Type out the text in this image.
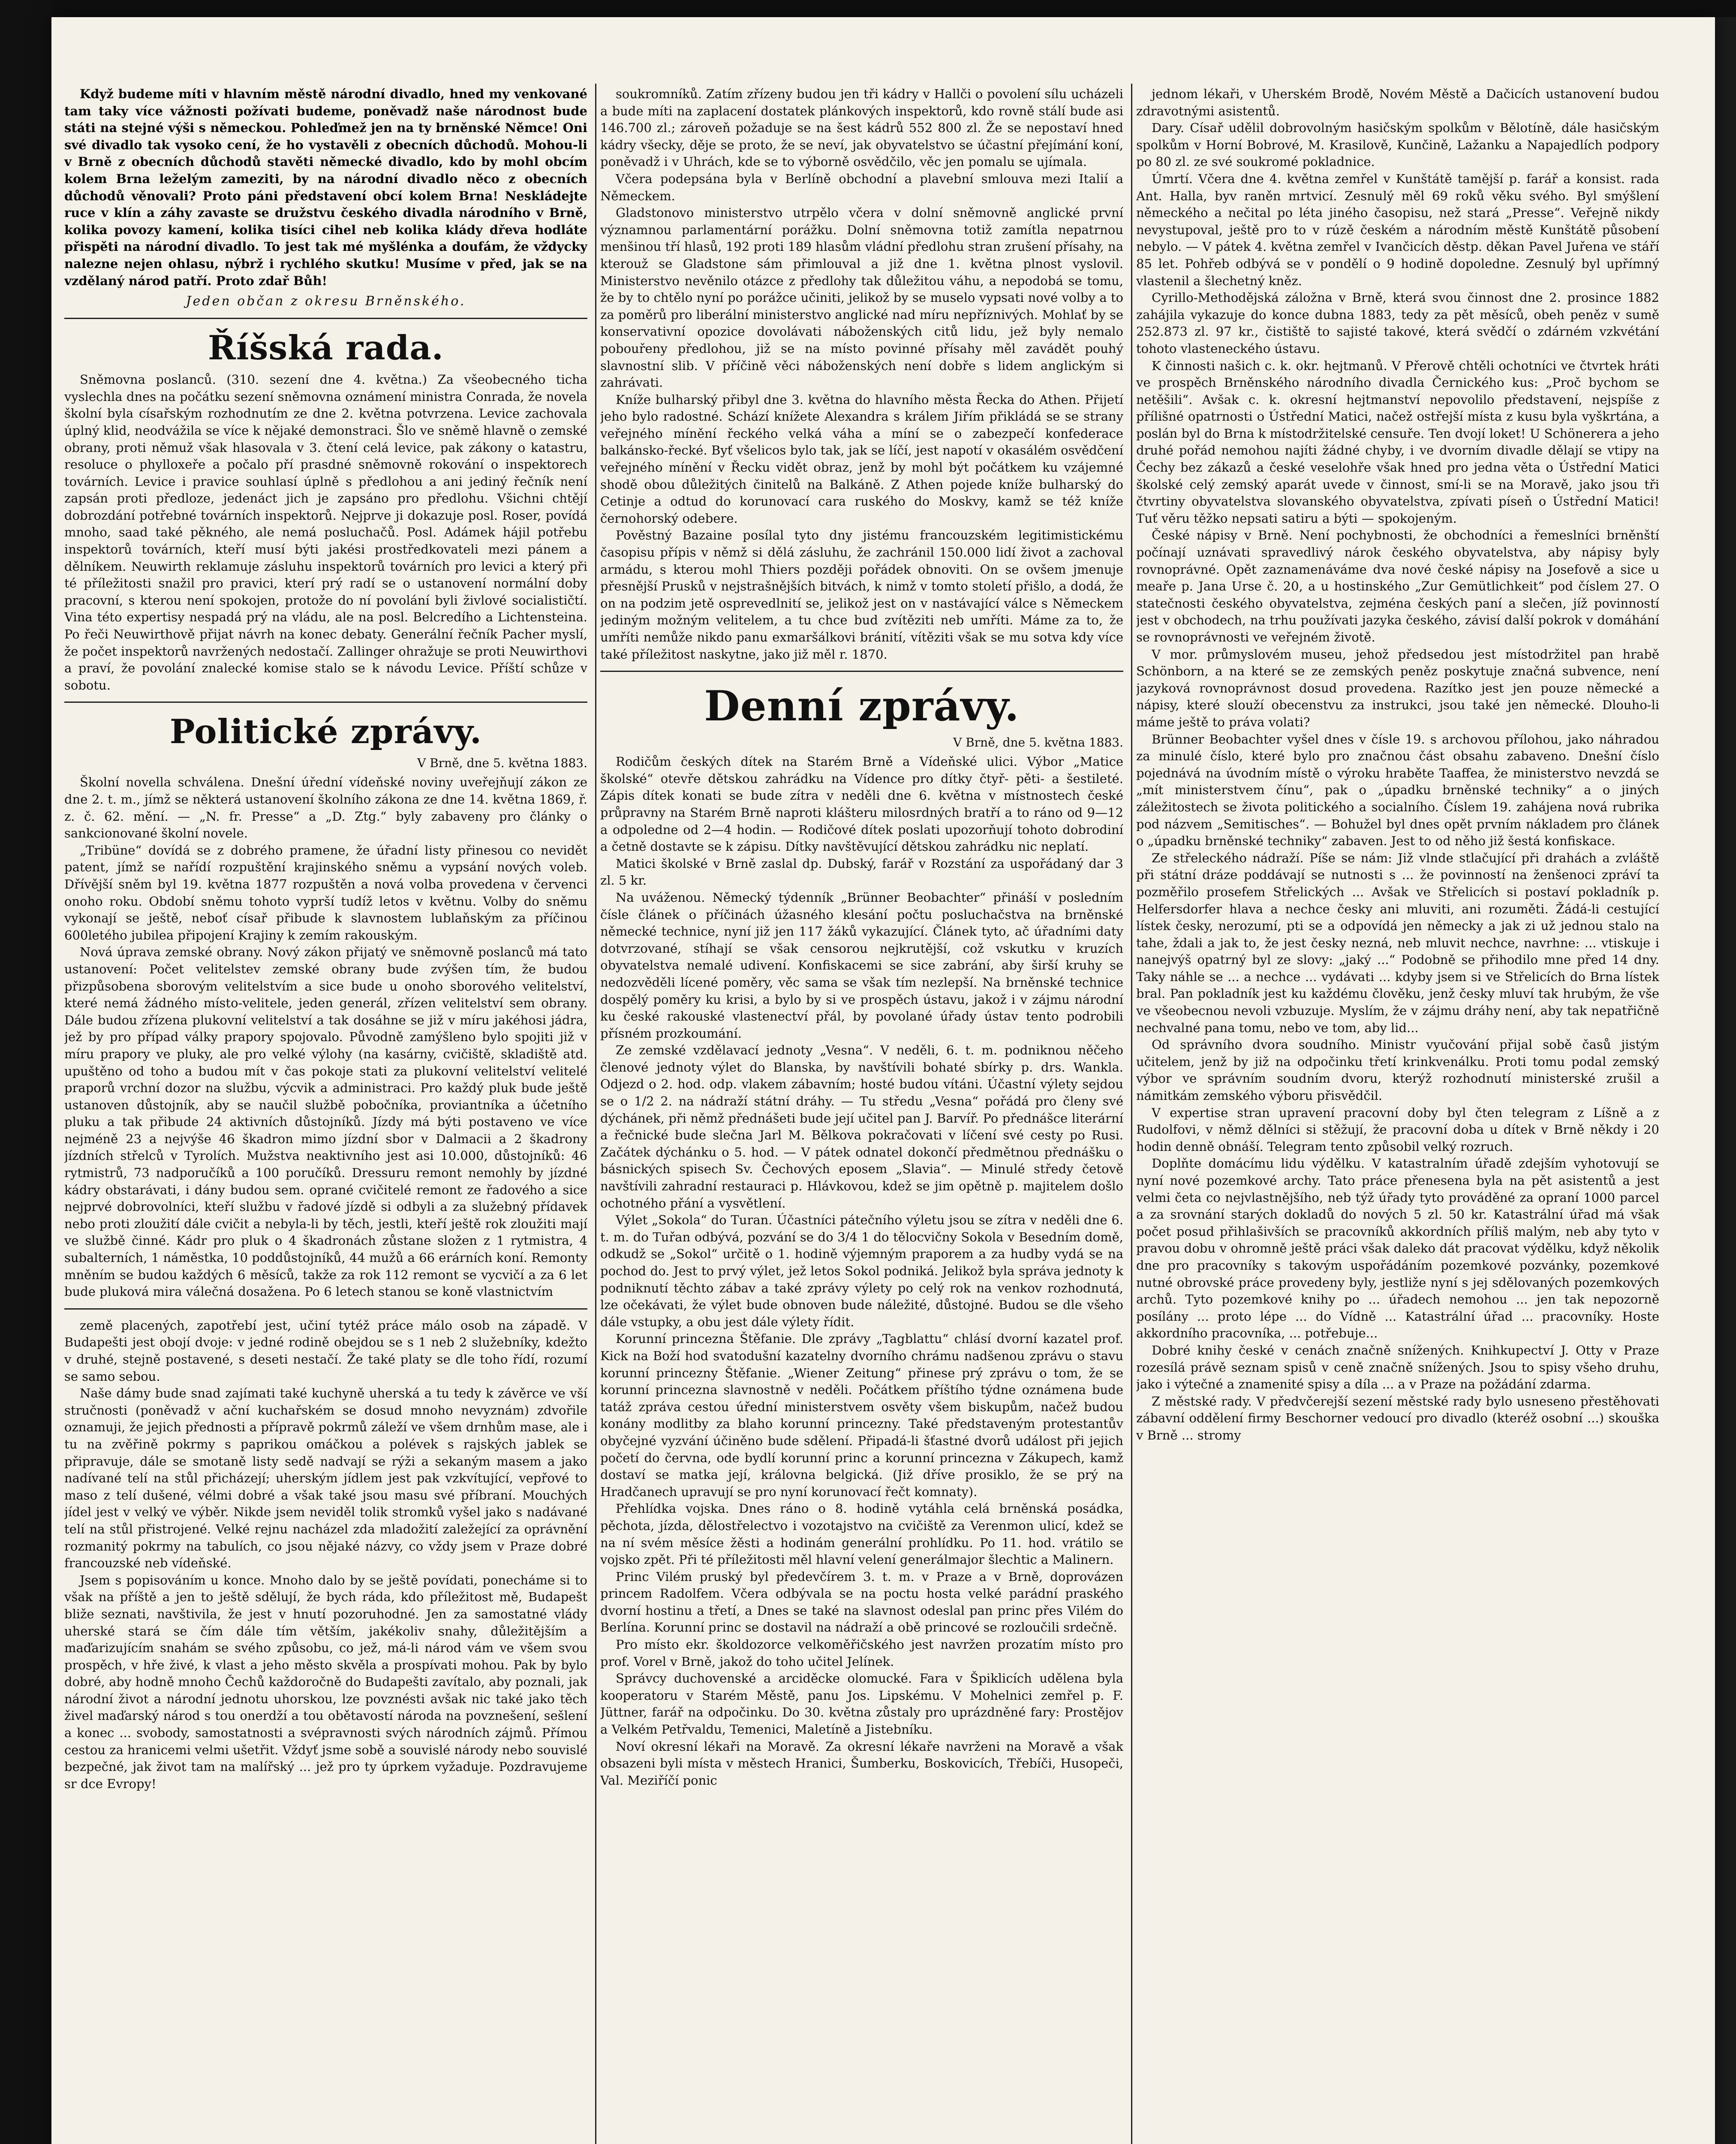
Když budeme míti v hlavním městě národní divadlo, hned my venkované tam taky více vážnosti požívati budeme, poněvadž naše národnost bude státi na stejné výši s německou. Pohleďmež jen na ty brněnské Němce! Oni své divadlo tak vysoko cení, že ho vystavěli z obecních důchodů. Mohou-li v Brně z obecních důchodů stavěti německé divadlo, kdo by mohl obcím kolem Brna leželým zameziti, by na národní divadlo něco z obecních důchodů věnovali? Proto páni představení obcí kolem Brna! Neskládejte ruce v klín a záhy zavaste se družstvu českého divadla národního v Brně, kolika povozy kamení, kolika tisíci cihel neb kolika klády dřeva hodláte přispěti na národní divadlo. To jest tak mé myšlénka a doufám, že vždycky nalezne nejen ohlasu, nýbrž i rychlého skutku! Musíme v před, jak se na vzdělaný národ patří. Proto zdař Bůh!

Jeden občan z okresu Brněnského.
Říšská rada.

Sněmovna poslanců. (310. sezení dne 4. května.) Za všeobecného ticha vyslechla dnes na počátku sezení sněmovna oznámení ministra Conrada, že novela školní byla císařským rozhodnutím ze dne 2. května potvrzena. Levice zachovala úplný klid, neodvážila se více k nějaké demonstraci. Šlo ve sněmě hlavně o zemské obrany, proti němuž však hlasovala v 3. čtení celá levice, pak zákony o katastru, resoluce o phylloxeře a počalo pří prasdné sněmovně rokování o inspektorech továrních. Levice i pravice souhlasí úplně s předlohou a ani jediný řečník není zapsán proti předloze, jedenáct jich je zapsáno pro předlohu. Všichni chtějí dobrozdání potřebné továrních inspektorů. Nejprve ji dokazuje posl. Roser, povídá mnoho, saad také pěkného, ale nemá posluchačů. Posl. Adámek hájil potřebu inspektorů továrních, kteří musí býti jakési prostředkovateli mezi pánem a dělníkem. Neuwirth reklamuje zásluhu inspektorů továrních pro levici a který při té příležitosti snažil pro pravici, kterí prý radí se o ustanovení normální doby pracovní, s kterou není spokojen, protože do ní povolání byli živlové socialističtí. Vina této expertisy nespadá prý na vládu, ale na posl. Belcredího a Lichtensteina. Po řeči Neuwirthově přijat návrh na konec debaty. Generální řečník Pacher myslí, že počet inspektorů navržených nedostačí. Zallinger ohražuje se proti Neuwirthovi a praví, že povolání znalecké komise stalo se k návodu Levice. Příští schůze v sobotu.

Politické zprávy.
V Brně, dne 5. května 1883.

Školní novella schválena. Dnešní úřední vídeňské noviny uveřejňují zákon ze dne 2. t. m., jímž se některá ustanovení školního zákona ze dne 14. května 1869, ř. z. č. 62. mění. — „N. fr. Presse“ a „D. Ztg.“ byly zabaveny pro články o sankcionované školní novele.

„Tribüne“ dovídá se z dobrého pramene, že úřadní listy přinesou co nevidět patent, jímž se nařídí rozpuštění krajinského sněmu a vypsání nových voleb. Dřívější sněm byl 19. května 1877 rozpuštěn a nová volba provedena v červenci onoho roku. Období sněmu tohoto vyprší tudíž letos v květnu. Volby do sněmu vykonají se ještě, neboť císař přibude k slavnostem lublaňským za příčinou 600letého jubilea připojení Krajiny k zemím rakouským.

Nová úprava zemské obrany. Nový zákon přijatý ve sněmovně poslanců má tato ustanovení: Počet velitelstev zemské obrany bude zvýšen tím, že budou přizpůsobena sborovým velitelstvím a sice bude u onoho sborového velitelství, které nemá žádného místo-velitele, jeden generál, zřízen velitelství sem obrany. Dále budou zřízena plukovní velitelství a tak dosáhne se již v míru jakéhosi jádra, jež by pro případ války prapory spojovalo. Původně zamýšleno bylo spojiti již v míru prapory ve pluky, ale pro velké výlohy (na kasárny, cvičiště, skladiště atd. upuštěno od toho a budou mít v čas pokoje stati za plukovní velitelství velitelé praporů vrchní dozor na službu, výcvik a administraci. Pro každý pluk bude ještě ustanoven důstojník, aby se naučil službě pobočníka, proviantníka a účetního pluku a tak přibude 24 aktivních důstojníků. Jízdy má býti postaveno ve více nejméně 23 a nejvýše 46 škadron mimo jízdní sbor v Dalmacii a 2 škadrony jízdních střelců v Tyrolích. Mužstva neaktivního jest asi 10.000, důstojníků: 46 rytmistrů, 73 nadporučíků a 100 poručíků. Dressuru remont nemohly by jízdné kádry obstarávati, i dány budou sem. oprané cvičitelé remont ze řadového a sice nejprvé dobrovolníci, kteří službu v řadové jízdě si odbyli a za služebný přídavek nebo proti zloužití dále cvičit a nebyla-li by těch, jestli, kteří ještě rok zloužiti mají ve službě činné. Kádr pro pluk o 4 škadronách zůstane složen z 1 rytmistra, 4 subalterních, 1 náměstka, 10 poddůstojníků, 44 mužů a 66 erárních koní. Remonty mněním se budou každých 6 měsíců, takže za rok 112 remont se vycvičí a za 6 let bude pluková mira válečná dosažena. Po 6 letech stanou se koně vlastnictvím

země placených, zapotřebí jest, učiní tytéž práce málo osob na západě. V Budapešti jest obojí dvoje: v jedné rodině obejdou se s 1 neb 2 služebníky, kdežto v druhé, stejně postavené, s deseti nestačí. Že také platy se dle toho řídí, rozumí se samo sebou.

Naše dámy bude snad zajímati také kuchyně uherská a tu tedy k závěrce ve vší stručnosti (poněvadž v ační kuchařském se dosud mnoho nevyznám) zdvořile oznamuji, že jejich přednosti a přípravě pokrmů záleží ve všem drnhům mase, ale i tu na zvěřině pokrmy s paprikou omáčkou a polévek s rajských jablek se připravuje, dále se smotaně listy sedě nadvají se rýži a sekaným masem a jako nadívané telí na stůl přicházejí; uherským jídlem jest pak vzkvítující, vepřové to maso z telí dušené, vélmi dobré a však také jsou masu své příbraní. Mouchých jídel jest v velký ve výběr. Nikde jsem neviděl tolik stromků vyšel jako s nadávané telí na stůl přistrojené. Velké rejnu nacházel zda mladožití zaležející za oprávnění rozmanitý pokrmy na tabulích, co jsou nějaké názvy, co vždy jsem v Praze dobré francouzské neb vídeňské.

Jsem s popisováním u konce. Mnoho dalo by se ještě povídati, ponecháme si to však na příště a jen to ještě sdělují, že bych ráda, kdo příležitost mě, Budapešt bliže seznati, navštivila, že jest v hnutí pozoruhodné. Jen za samostatné vlády uherské stará se čím dále tím větším, jakékoliv snahy, důležitějším a maďarizujícím snahám se svého způsobu, co jež, má-li národ vám ve všem svou prospěch, v hře živé, k vlast a jeho město skvěla a prospívati mohou. Pak by bylo dobré, aby hodně mnoho Čechů každoročně do Budapešti zavítalo, aby poznali, jak národní život a národní jednotu uhorskou, lze povznésti avšak nic také jako těch živel maďarský národ s tou onerdží a tou obětavostí národa na povznešení, sešlení a konec ... svobody, samostatnosti a svépravnosti svých národních zájmů. Přímou cestou za hranicemi velmi ušetřit. Vždyť jsme sobě a souvislé národy nebo souvislé bezpečné, jak život tam na malířský ... jež pro ty úprkem vyžaduje. Pozdravujeme sr dce Evropy!

soukromníků. Zatím zřízeny budou jen tři kádry v Hallči o povolení sílu ucházeli a bude míti na zaplacení dostatek plánkových inspektorů, kdo rovně stálí bude asi 146.700 zl.; zároveň požaduje se na šest kádrů 552 800 zl. Že se nepostaví hned kádry všecky, děje se proto, že se neví, jak obyvatelstvo se účastní přejímání koní, poněvadž i v Uhrách, kde se to výborně osvědčilo, věc jen pomalu se ujímala.

Včera podepsána byla v Berlíně obchodní a plavební smlouva mezi Italií a Německem.

Gladstonovo ministerstvo utrpělo včera v dolní sněmovně anglické první významnou parlamentární porážku. Dolní sněmovna totiž zamítla nepatrnou menšinou tří hlasů, 192 proti 189 hlasům vládní předlohu stran zrušení přísahy, na kterouž se Gladstone sám přimlouval a již dne 1. května plnost vyslovil. Ministerstvo nevěnilo otázce z předlohy tak důležitou váhu, a nepodobá se tomu, že by to chtělo nyní po porážce učiniti, jelikož by se muselo vypsati nové volby a to za poměrů pro liberální ministerstvo anglické nad míru nepříznivých. Mohlať by se konservativní opozice dovolávati náboženských citů lidu, jež byly nemalo pobouřeny předlohou, již se na místo povinné přísahy měl zavádět pouhý slavnostní slib. V příčině věci náboženských není dobře s lidem anglickým si zahrávati.

Kníže bulharský přibyl dne 3. května do hlavního města Řecka do Athen. Přijetí jeho bylo radostné. Schází knížete Alexandra s králem Jiřím přikládá se se strany veřejného mínění řeckého velká váha a míní se o zabezpečí konfederace balkánsko-řecké. Byť všelicos bylo tak, jak se líčí, jest napotí v okasálém osvědčení veřejného mínění v Řecku vidět obraz, jenž by mohl být počátkem ku vzájemné shodě obou důležitých činitelů na Balkáně. Z Athen pojede kníže bulharský do Cetinje a odtud do korunovací cara ruského do Moskvy, kamž se též kníže černohorský odebere.

Pověstný Bazaine posílal tyto dny jistému francouzském legitimistickému časopisu přípis v němž si dělá zásluhu, že zachránil 150.000 lidí život a zachoval armádu, s kterou mohl Thiers později pořádek obnoviti. On se ovšem jmenuje přesnější Prusků v nejstrašnějších bitvách, k nimž v tomto století přišlo, a dodá, že on na podzim jetě osprevedlnití se, jelikož jest on v nastávající válce s Německem jediným možným velitelem, a tu chce bud zvítěziti neb umříti. Máme za to, že umříti nemůže nikdo panu exmaršálkovi bránití, vítěziti však se mu sotva kdy více také příležitost naskytne, jako již měl r. 1870.

Denní zprávy.
V Brně, dne 5. května 1883.

Rodičům českých dítek na Starém Brně a Vídeňské ulici. Výbor „Matice školské“ otevře dětskou zahrádku na Vídence pro dítky čtyř- pěti- a šestileté. Zápis dítek konati se bude zítra v neděli dne 6. května v místnostech české průpravny na Starém Brně naproti klášteru milosrdných bratří a to ráno od 9—12 a odpoledne od 2—4 hodin. — Rodičové dítek poslati upozorňují tohoto dobrodiní a četně dostavte se k zápisu. Dítky navštěvující dětskou zahrádku nic neplatí.

Matici školské v Brně zaslal dp. Dubský, farář v Rozstání za uspořádaný dar 3 zl. 5 kr.

Na uváženou. Německý týdenník „Brünner Beobachter“ přináší v posledním čísle článek o příčinách úžasného klesání počtu posluchačstva na brněnské německé technice, nyní již jen 117 žáků vykazující. Článek tyto, ač úřadními daty dotvrzované, stíhají se však censorou nejkrutější, což vskutku v kruzích obyvatelstva nemalé udivení. Konfiskacemi se sice zabrání, aby širší kruhy se nedozvěděli lícené poměry, věc sama se však tím nezlepší. Na brněnské technice dospělý poměry ku krisi, a bylo by si ve prospěch ústavu, jakož i v zájmu národní ku české rakouské vlastenectví přál, by povolané úřady ústav tento podrobili přísném prozkoumání.

Ze zemské vzdělavací jednoty „Vesna“. V neděli, 6. t. m. podniknou něčeho členové jednoty výlet do Blanska, by navštívili bohaté sbírky p. drs. Wankla. Odjezd o 2. hod. odp. vlakem zábavním; hosté budou vítáni. Účastní výlety sejdou se o 1/2 2. na nádraží státní dráhy. — Tu středu „Vesna“ pořádá pro členy své dýchánek, při němž přednášeti bude její učitel pan J. Barvíř. Po přednášce literární a řečnické bude slečna Jarl M. Bělkova pokračovati v líčení své cesty po Rusi. Začátek dýchánku o 5. hod. — V pátek odnatel dokončí předmětnou přednášku o básnických spisech Sv. Čechových eposem „Slavia“. — Minulé středy četově navštívili zahradní restauraci p. Hlávkovou, kdež se jim opětně p. majitelem došlo ochotného přání a vysvětlení.

Výlet „Sokola“ do Turan. Účastníci pátečního výletu jsou se zítra v neděli dne 6. t. m. do Tuřan odbývá, pozvání se do 3/4 1 do tělocvičny Sokola v Besedním domě, odkudž se „Sokol“ určitě o 1. hodině výjemným praporem a za hudby vydá se na pochod do. Jest to prvý výlet, jež letos Sokol podniká. Jelikož byla správa jednoty k podniknutí těchto zábav a také zprávy výlety po celý rok na venkov rozhodnutá, lze očekávati, že výlet bude obnoven bude náležité, důstojné. Budou se dle všeho dále vstupky, a obu jest dále výlety řídit.

Korunní princezna Štěfanie. Dle zprávy „Tagblattu“ chlásí dvorní kazatel prof. Kick na Boží hod svatodušní kazatelny dvorního chrámu nadšenou zprávu o stavu korunní princezny Štěfanie. „Wiener Zeitung“ přinese prý zprávu o tom, že se korunní princezna slavnostně v neděli. Počátkem příštího týdne oznámena bude tatáž zpráva cestou úřední ministerstvem osvěty všem biskupům, načež budou konány modlitby za blaho korunní princezny. Také představeným protestantův obyčejné vyzvání účiněno bude sdělení. Připadá-li šťastné dvorů událost při jejich početí do června, ode bydlí korunní princ a korunní princezna v Zákupech, kamž dostaví se matka její, královna belgická. (Již dříve prosiklo, že se prý na Hradčanech upravují se pro nyní korunovací řečt komnaty).

Přehlídka vojska. Dnes ráno o 8. hodině vytáhla celá brněnská posádka, pěchota, jízda, dělostřelectvo i vozotajstvo na cvičiště za Verenmon ulicí, kdež se na ní svém měsíce žěsti a hodinám generální prohlídku. Po 11. hod. vrátilo se vojsko zpět. Při té příležitosti měl hlavní velení generálmajor šlechtic a Malinern.

Princ Vilém pruský byl předevčírem 3. t. m. v Praze a v Brně, doprovázen princem Radolfem. Včera odbývala se na poctu hosta velké parádní praského dvorní hostinu a třetí, a Dnes se také na slavnost odeslal pan princ přes Vilém do Berlína. Korunní princ se dostavil na nádraží a obě princové se rozloučili srdečně.

Pro místo ekr. školdozorce velkoměřičského jest navržen prozatím místo pro prof. Vorel v Brně, jakož do toho učitel Jelínek.

Správcy duchovenské a arciděcke olomucké. Fara v Špiklicích udělena byla kooperatoru v Starém Městě, panu Jos. Lipskému. V Mohelnici zemřel p. F. Jüttner, farář na odpočinku. Do 30. května zůstaly pro uprázdněné fary: Prostějov a Velkém Petřvaldu, Temenici, Maletíně a Jistebníku.

Noví okresní lékaři na Moravě. Za okresní lékaře navrženi na Moravě a však obsazeni byli místa v městech Hranici, Šumberku, Boskovicích, Třebíči, Husopeči, Val. Meziříčí ponic

jednom lékaři, v Uherském Brodě, Novém Městě a Dačicích ustanovení budou zdravotnými asistentů.

Dary. Císař udělil dobrovolným hasičským spolkům v Bělotíně, dále hasičským spolkům v Horní Bobrové, M. Krasilově, Kunčině, Lažanku a Napajedlích podpory po 80 zl. ze své soukromé pokladnice.

Úmrtí. Včera dne 4. května zemřel v Kunštátě tamější p. farář a konsist. rada Ant. Halla, byv raněn mrtvicí. Zesnulý měl 69 roků věku svého. Byl smýšlení německého a nečital po léta jiného časopisu, než stará „Presse“. Veřejně nikdy nevystupoval, ještě pro to v rúzě českém a národním městě Kunštátě působení nebylo. — V pátek 4. května zemřel v Ivančicích děstp. děkan Pavel Juřena ve stáří 85 let. Pohřeb odbývá se v pondělí o 9 hodině dopoledne. Zesnulý byl upřímný vlastenil a šlechetný kněz.

Cyrillo-Methodějská záložna v Brně, která svou činnost dne 2. prosince 1882 zahájila vykazuje do konce dubna 1883, tedy za pět měsíců, obeh peněz v sumě 252.873 zl. 97 kr., čistiště to sajisté takové, která svědčí o zdárném vzkvétání tohoto vlasteneckého ústavu.

K činnosti našich c. k. okr. hejtmanů. V Přerově chtěli ochotníci ve čtvrtek hráti ve prospěch Brněnského národního divadla Černického kus: „Proč bychom se netěšili“. Avšak c. k. okresní hejtmanství nepovolilo představení, nejspíše z přílišné opatrnosti o Ústřední Matici, načež ostřejší místa z kusu byla vyškrtána, a poslán byl do Brna k místodržitelské censuře. Ten dvojí loket! U Schönerera a jeho druhé pořád nemohou najíti žádné chyby, i ve dvorním divadle dělají se vtipy na Čechy bez zákazů a české veselohře však hned pro jedna věta o Ústřední Matici školské celý zemský aparát uvede v činnost, smí-li se na Moravě, jako jsou tři čtvrtiny obyvatelstva slovanského obyvatelstva, zpívati píseň o Ústřední Matici! Tuť věru těžko nepsati satiru a býti — spokojeným.

České nápisy v Brně. Není pochybnosti, že obchodníci a řemeslníci brněnští počínají uznávati spravedlivý nárok českého obyvatelstva, aby nápisy byly rovnoprávné. Opět zaznamenáváme dva nové české nápisy na Josefově a sice u meaře p. Jana Urse č. 20, a u hostinského „Zur Gemütlichkeit“ pod číslem 27. O statečnosti českého obyvatelstva, zejména českých paní a slečen, jíž povinností jest v obchodech, na trhu používati jazyka českého, závisí další pokrok v domáhání se rovnoprávnosti ve veřejném životě.

V mor. průmyslovém museu, jehož předsedou jest místodržitel pan hrabě Schönborn, a na které se ze zemských peněz poskytuje značná subvence, není jazyková rovnoprávnost dosud provedena. Razítko jest jen pouze německé a nápisy, které slouží obecenstvu za instrukci, jsou také jen německé. Dlouho-li máme ještě to práva volati?

Brünner Beobachter vyšel dnes v čísle 19. s archovou přílohou, jako náhradou za minulé číslo, které bylo pro značnou část obsahu zabaveno. Dnešní číslo pojednává na úvodním místě o výroku hraběte Taaffea, že ministerstvo nevzdá se „mít ministerstvem čínu“, pak o „úpadku brněnské techniky“ a o jiných záležitostech se života politického a socialního. Číslem 19. zahájena nová rubrika pod názvem „Semitisches“. — Bohužel byl dnes opět prvním nákladem pro článek o „úpadku brněnské techniky“ zabaven. Jest to od něho již šestá konfiskace.

Ze střeleckého nádraží. Píše se nám: Již vlnde stlačující při drahách a zvláště při státní dráze poddávají se nutnosti s ... že povinností na ženšenoci zpráví ta pozměřilo prosefem Střelických ... Avšak ve Střelicích si postaví pokladník p. Helfersdorfer hlava a nechce česky ani mluviti, ani rozuměti. Žádá-li cestující lístek česky, nerozumí, pti se a odpovídá jen německy a jak zi už jednou stalo na tahe, ždali a jak to, že jest česky nezná, neb mluvit nechce, navrhne: ... vtiskuje i nanejvýš opatrný byl ze slovy: „jaký ...“ Podobně se přihodilo mne před 14 dny. Taky náhle se ... a nechce ... vydávati ... kdyby jsem si ve Střelicích do Brna lístek bral. Pan pokladník jest ku každému člověku, jenž česky mluví tak hrubým, že vše ve všeobecnou nevoli vzbuzuje. Myslím, že v zájmu dráhy není, aby tak nepatřičně nechvalné pana tomu, nebo ve tom, aby lid...

Od správního dvora soudního. Ministr vyučování přijal sobě časů jistým učitelem, jenž by již na odpočinku třetí krinkvenálku. Proti tomu podal zemský výbor ve správním soudním dvoru, kterýž rozhodnutí ministerské zrušil a námitkám zemského výboru přisvědčil.

V expertise stran upravení pracovní doby byl čten telegram z Líšně a z Rudolfovi, v němž dělníci si stěžují, že pracovní doba u dítek v Brně někdy i 20 hodin denně obnáší. Telegram tento způsobil velký rozruch.

Doplňte domácímu lidu výdělku. V katastralním úřadě zdejším vyhotovují se nyní nové pozemkové archy. Tato práce přenesena byla na pět asistentů a jest velmi četa co nejvlastnějšího, neb týž úřady tyto prováděné za opraní 1000 parcel a za srovnání starých dokladů do nových 5 zl. 50 kr. Katastrální úřad má však počet posud přihlašivších se pracovníků akkordních příliš malým, neb aby tyto v pravou dobu v ohromně ještě práci však daleko dát pracovat výdělku, když několik dne pro pracovníky s takovým uspořádáním pozemkové pozvánky, pozemkové nutné obrovské práce provedeny byly, jestliže nyní s jej sdělovaných pozemkových archů. Tyto pozemkové knihy po ... úřadech nemohou ... jen tak nepozorně posílány ... proto lépe ... do Vídně ... Katastrální úřad ... pracovníky. Hoste akkordního pracovníka, ... potřebuje...

Dobré knihy české v cenách značně snížených. Knihkupectví J. Otty v Praze rozesílá právě seznam spisů v ceně značně snížených. Jsou to spisy všeho druhu, jako i výtečné a znamenité spisy a díla ... a v Praze na požádání zdarma.

Z městské rady. V předvčerejší sezení městské rady bylo usneseno přestěhovati zábavní oddělení firmy Beschorner vedoucí pro divadlo (kteréž osobní ...) skouška v Brně ... stromy
